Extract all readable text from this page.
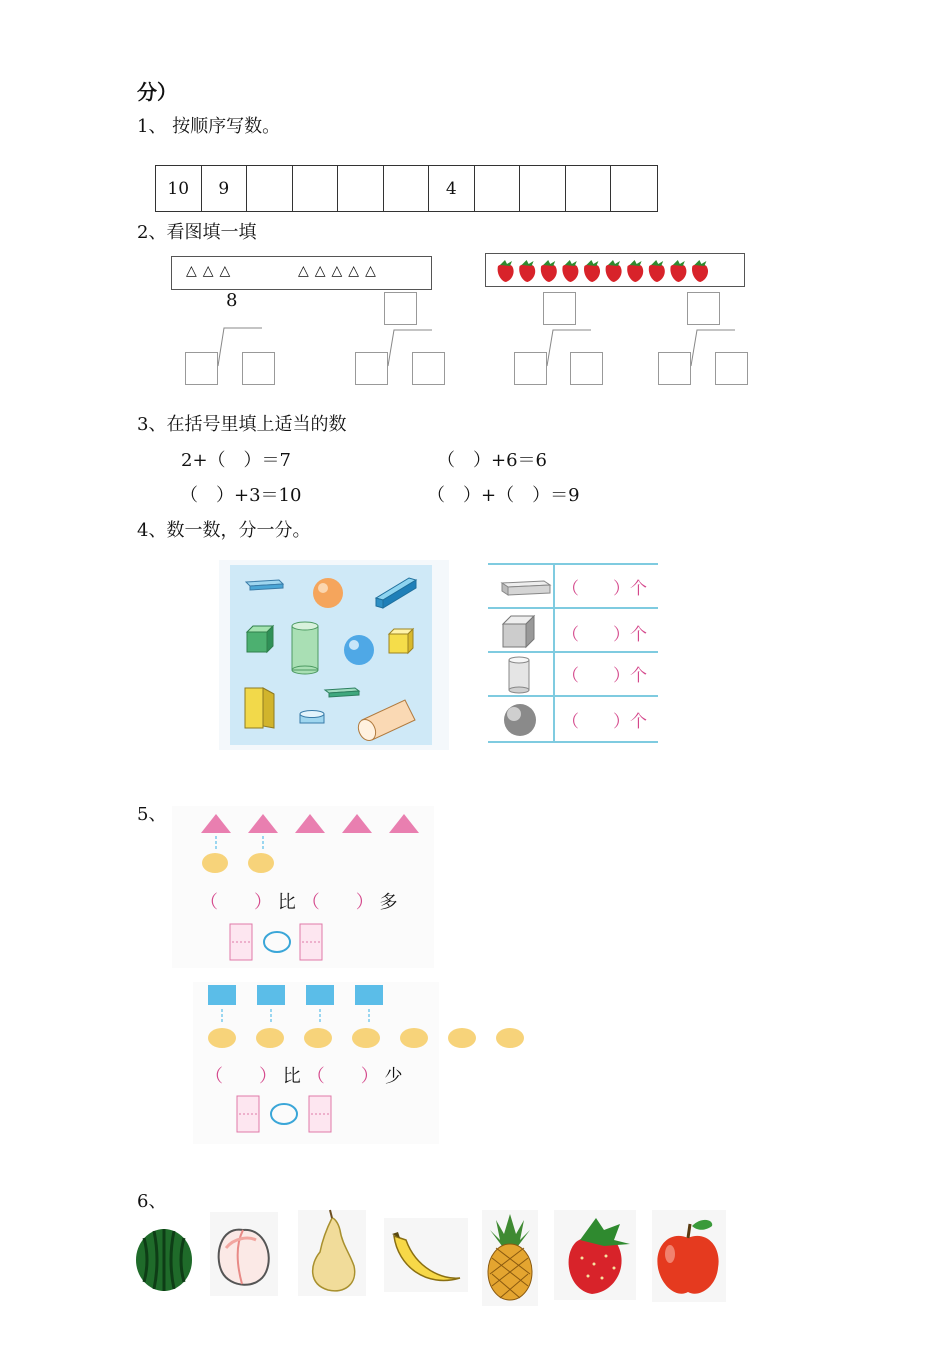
分）
1、 按顺序写数。
10	9	4
2、看图填一填
△△△	△△△△△
8
3、在括号里填上适当的数
2+（　）＝7	（　）+6＝6
（　）+3＝10	（　）+（　）＝9
4、数一数，分一分。
（　　）个
（　　）个
（　　）个
（　　）个
5、
（ ） 比 （ ） 多
（ ） 比 （ ） 少
6、
